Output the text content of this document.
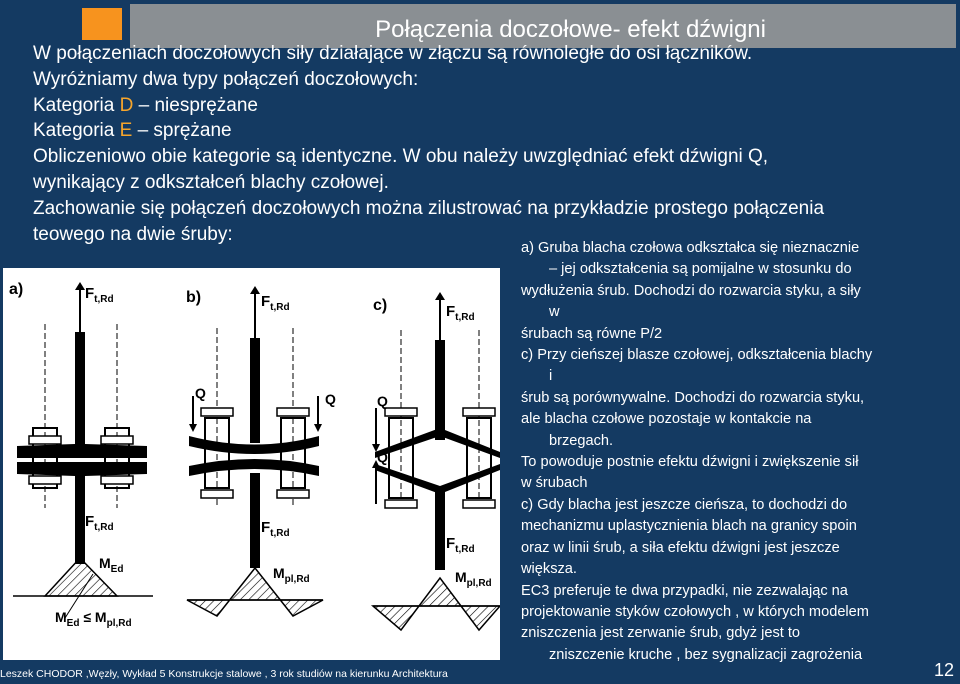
Połączenia doczołowe- efekt dźwigni
W połączeniach doczołowych siły działające w złączu są równoległe do osi łączników.
Wyróżniamy dwa typy połączeń doczołowych:
Kategoria D – niesprężane
Kategoria E – sprężane
Obliczeniowo obie kategorie są identyczne. W obu należy uwzględniać efekt dźwigni Q,
wynikający z odkształceń blachy czołowej.
Zachowanie się połączeń doczołowych można zilustrować na przykładzie prostego połączenia
teowego na dwie śruby:
a)	b)	c)
$F_{t,Rd}$
$F_{t,Rd}$
$M_{Ed}$
$M_{Ed} \le M_{pl,Rd}$
$F_{t,Rd}$
$F_{t,Rd}$
Q	Q
$M_{pl,Rd}$
$F_{t,Rd}$
$F_{t,Rd}$
Q
Q
$M_{pl,Rd}$
a) Gruba blacha czołowa odkształca się nieznacznie
– jej odkształcenia są pomijalne w stosunku do
wydłużenia śrub. Dochodzi do rozwarcia styku, a siły
w
śrubach są równe P/2
c) Przy cieńszej blasze czołowej, odkształcenia blachy
i
śrub są porównywalne. Dochodzi do rozwarcia styku,
ale blacha czołowe pozostaje w kontakcie na
brzegach.
To powoduje postnie efektu dźwigni i zwiększenie sił
w śrubach
c) Gdy blacha jest jeszcze cieńsza, to dochodzi do
mechanizmu uplastycznienia blach na granicy spoin
oraz w linii śrub, a siła efektu dźwigni jest jeszcze
większa.
EC3 preferuje te dwa przypadki, nie zezwalając na
projektowanie styków czołowych , w których modelem
zniszczenia jest zerwanie śrub, gdyż jest to
zniszczenie kruche , bez sygnalizacji zagrożenia
Leszek CHODOR ,Węzły, Wykład 5 Konstrukcje stalowe , 3 rok studiów na kierunku Architektura	12
